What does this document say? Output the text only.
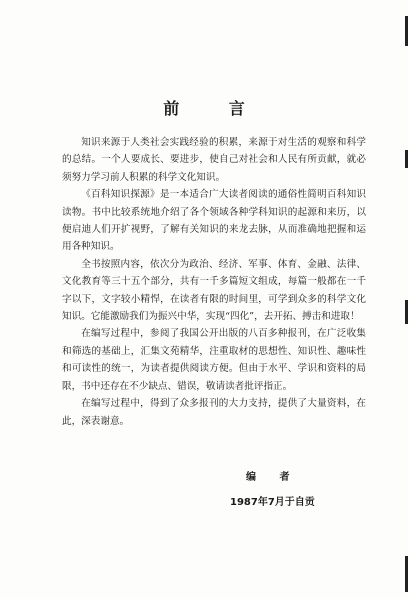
前 言

知识来源于人类社会实践经验的积累，来源于对生活的观察和科学的总结。一个人要成长、要进步，使自己对社会和人民有所贡献，就必须努力学习前人积累的科学文化知识。

《百科知识探源》是一本适合广大读者阅读的通俗性简明百科知识读物。书中比较系统地介绍了各个领域各种学科知识的起源和来历，以便启迪人们开扩视野，了解有关知识的来龙去脉，从而准确地把握和运用各种知识。

全书按照内容，依次分为政治、经济、军事、体育、金融、法律、文化教育等三十五个部分，共有一千多篇短文组成，每篇一般都在一千字以下，文字较小精悍，在读者有限的时间里，可学到众多的科学文化知识。它能激励我们为振兴中华，实现“四化”，去开拓、搏击和进取！

在编写过程中，参阅了我国公开出版的八百多种报刊，在广泛收集和筛选的基础上，汇集文苑精华，注重取材的思想性、知识性、趣味性和可读性的统一，为读者提供阅读方便。但由于水平、学识和资料的局限，书中还存在不少缺点、错误，敬请读者批评指正。

在编写过程中，得到了众多报刊的大力支持，提供了大量资料，在此，深表谢意。

编 者
1987年7月于自贡
